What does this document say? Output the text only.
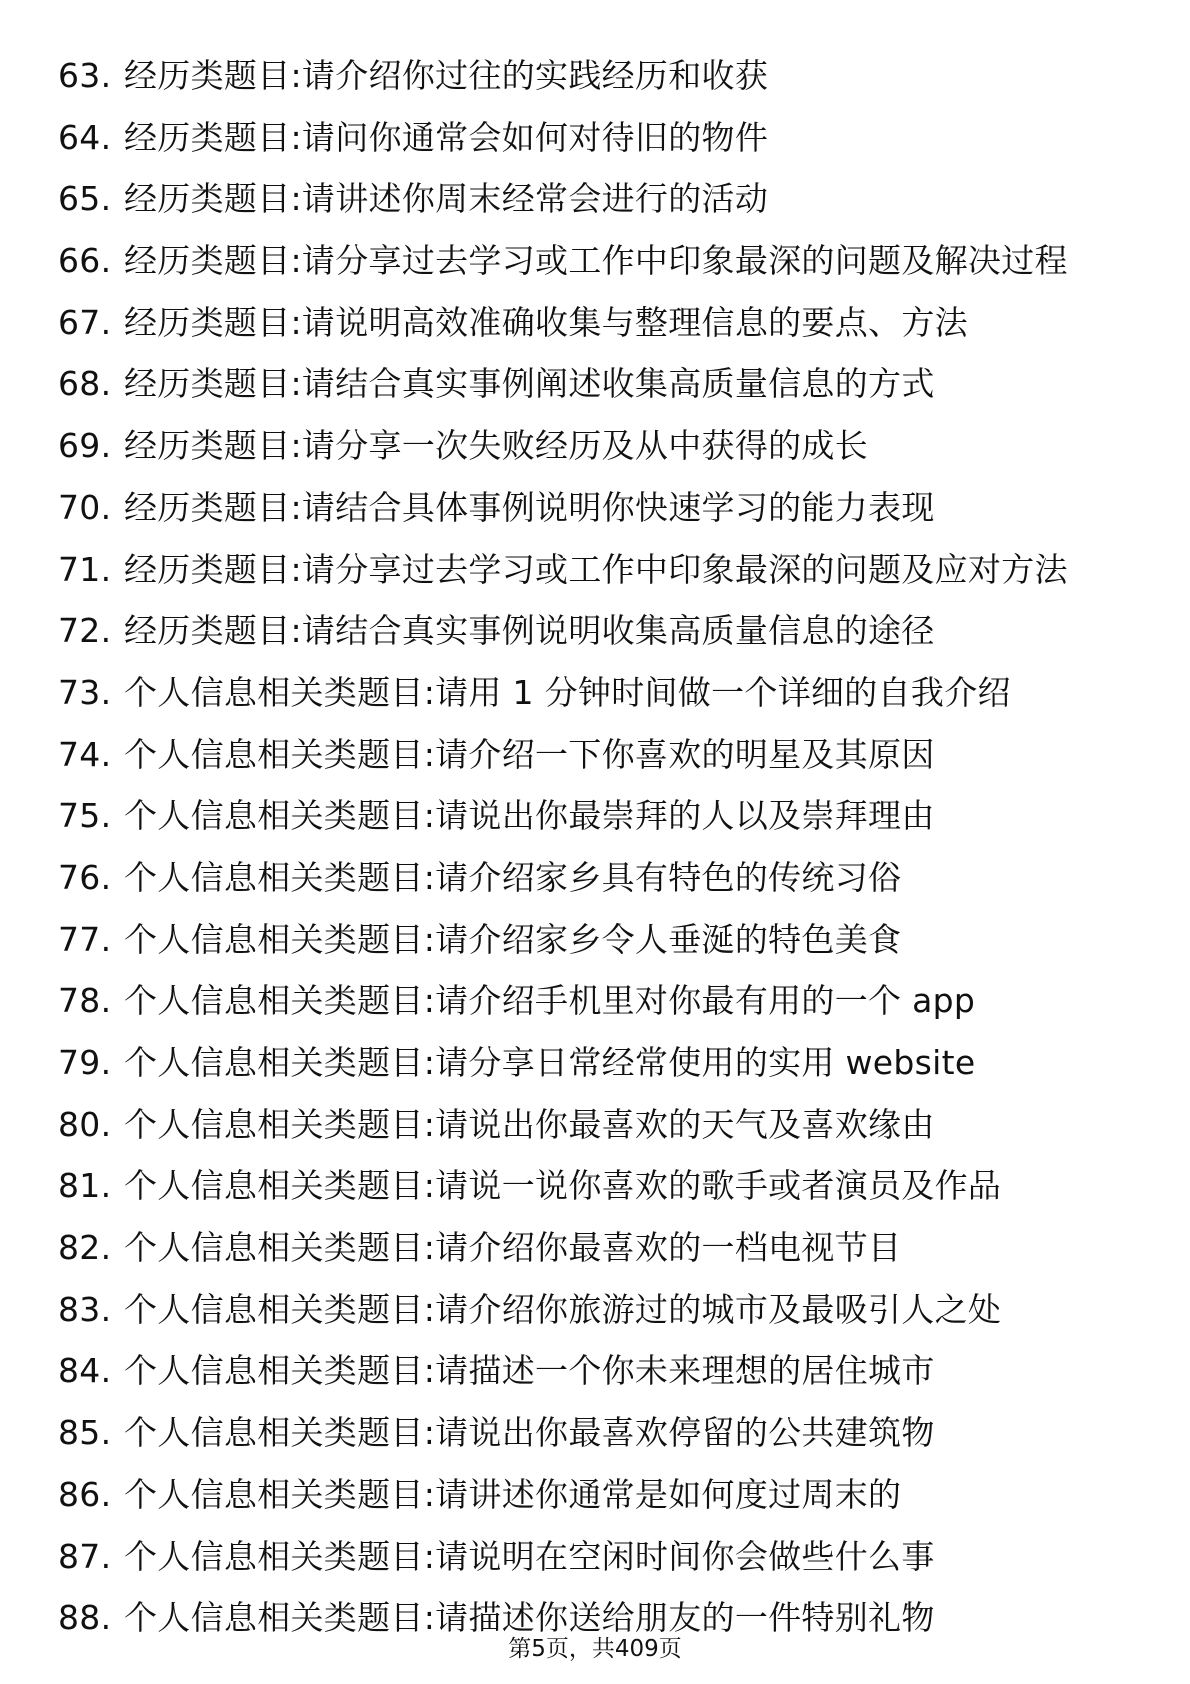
63. 经历类题目:请介绍你过往的实践经历和收获
64. 经历类题目:请问你通常会如何对待旧的物件
65. 经历类题目:请讲述你周末经常会进行的活动
66. 经历类题目:请分享过去学习或工作中印象最深的问题及解决过程
67. 经历类题目:请说明高效准确收集与整理信息的要点、方法
68. 经历类题目:请结合真实事例阐述收集高质量信息的方式
69. 经历类题目:请分享一次失败经历及从中获得的成长
70. 经历类题目:请结合具体事例说明你快速学习的能力表现
71. 经历类题目:请分享过去学习或工作中印象最深的问题及应对方法
72. 经历类题目:请结合真实事例说明收集高质量信息的途径
73. 个人信息相关类题目:请用 1 分钟时间做一个详细的自我介绍
74. 个人信息相关类题目:请介绍一下你喜欢的明星及其原因
75. 个人信息相关类题目:请说出你最崇拜的人以及崇拜理由
76. 个人信息相关类题目:请介绍家乡具有特色的传统习俗
77. 个人信息相关类题目:请介绍家乡令人垂涎的特色美食
78. 个人信息相关类题目:请介绍手机里对你最有用的一个 app
79. 个人信息相关类题目:请分享日常经常使用的实用 website
80. 个人信息相关类题目:请说出你最喜欢的天气及喜欢缘由
81. 个人信息相关类题目:请说一说你喜欢的歌手或者演员及作品
82. 个人信息相关类题目:请介绍你最喜欢的一档电视节目
83. 个人信息相关类题目:请介绍你旅游过的城市及最吸引人之处
84. 个人信息相关类题目:请描述一个你未来理想的居住城市
85. 个人信息相关类题目:请说出你最喜欢停留的公共建筑物
86. 个人信息相关类题目:请讲述你通常是如何度过周末的
87. 个人信息相关类题目:请说明在空闲时间你会做些什么事
88. 个人信息相关类题目:请描述你送给朋友的一件特别礼物
第5页，共409页
